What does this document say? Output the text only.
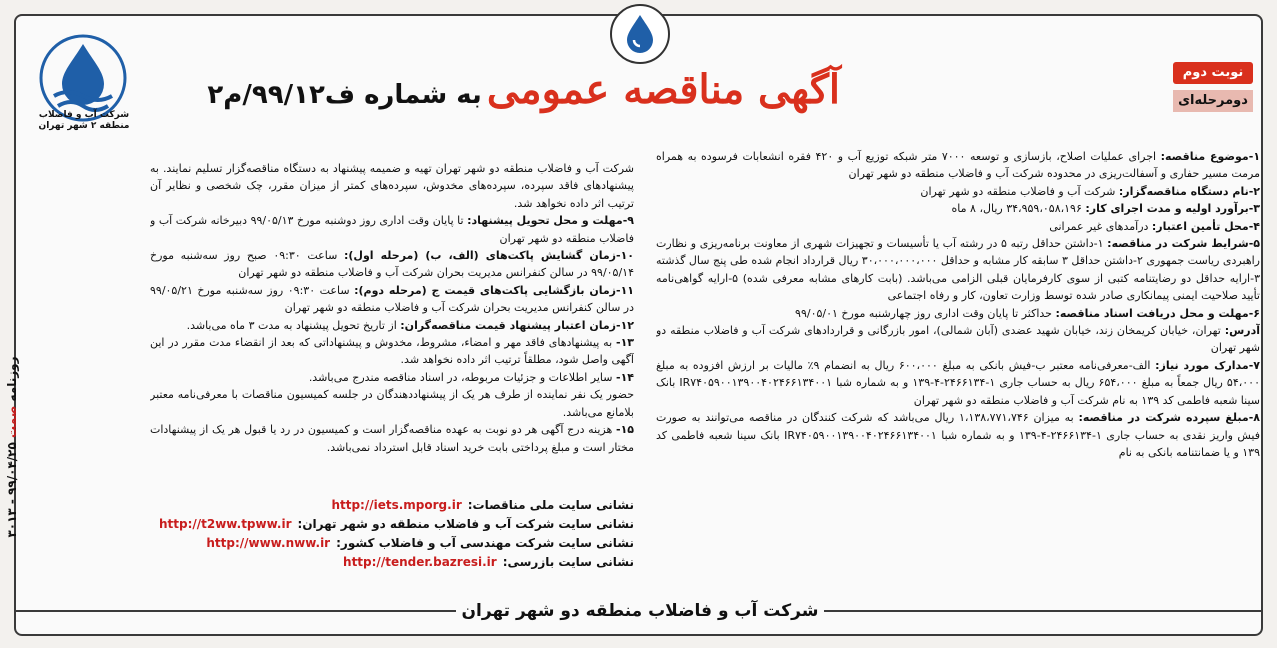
شرکت آب و فاضلاب منطقه ۲ شهر تهران
آگهی مناقصه عمومی به شماره ف۹۹/۱۲/م۲
نوبت دوم
دومرحله‌ای

۱-موضوع مناقصه: اجرای عملیات اصلاح، بازسازی و توسعه ۷۰۰۰ متر شبکه توزیع آب و ۴۲۰ فقره انشعابات فرسوده به همراه مرمت مسیر حفاری و آسفالت‌ریزی در محدوده شرکت آب و فاضلاب منطقه دو شهر تهران

۲-نام دستگاه مناقصه‌گزار: شرکت آب و فاضلاب منطقه دو شهر تهران

۳-برآورد اولیه و مدت اجرای کار: ۳۴،۹۵۹،۰۵۸،۱۹۶ ریال، ۸ ماه

۴-محل تأمین اعتبار: درآمدهای غیر عمرانی

۵-شرایط شرکت در مناقصه: ۱-داشتن حداقل رتبه ۵ در رشته آب یا تأسیسات و تجهیزات شهری از معاونت برنامه‌ریزی و نظارت راهبردی ریاست جمهوری ۲-داشتن حداقل ۳ سابقه کار مشابه و حداقل ۳۰،۰۰۰،۰۰۰،۰۰۰ ریال قرارداد انجام شده طی پنج سال گذشته ۳-ارایه حداقل دو رضایتنامه کتبی از سوی کارفرمایان قبلی الزامی می‌باشد. (بابت کارهای مشابه معرفی شده) ۵-ارایه گواهی‌نامه تأیید صلاحیت ایمنی پیمانکاری صادر شده توسط وزارت تعاون، کار و رفاه اجتماعی

۶-مهلت و محل دریافت اسناد مناقصه: حداکثر تا پایان وقت اداری روز چهارشنبه مورخ ۹۹/۰۵/۰۱

آدرس: تهران، خیابان کریمخان زند، خیابان شهید عضدی (آبان شمالی)، امور بازرگانی و قراردادهای شرکت آب و فاضلاب منطقه دو شهر تهران

۷-مدارک مورد نیاز: الف-معرفی‌نامه معتبر ب-فیش بانکی به مبلغ ۶۰۰،۰۰۰ ریال به انضمام ۹٪ مالیات بر ارزش افزوده به مبلغ ۵۴،۰۰۰ ریال جمعاً به مبلغ ۶۵۴،۰۰۰ ریال به حساب جاری ۱-۲۴۶۶۱۳۴-۴-۱۳۹ و به شماره شبا IR۷۴۰۵۹۰۰۱۳۹۰۰۴۰۲۴۶۶۱۳۴۰۰۱ بانک سینا شعبه فاطمی کد ۱۳۹ به نام شرکت آب و فاضلاب منطقه دو شهر تهران

۸-مبلغ سپرده شرکت در مناقصه: به میزان ۱،۱۳۸،۷۷۱،۷۴۶ ریال می‌باشد که شرکت کنندگان در مناقصه می‌توانند به صورت فیش واریز نقدی به حساب جاری ۱-۲۴۶۶۱۳۴-۴-۱۳۹ و به شماره شبا IR۷۴۰۵۹۰۰۱۳۹۰۰۴۰۲۴۶۶۱۳۴۰۰۱ بانک سینا شعبه فاطمی کد ۱۳۹ و یا ضمانتنامه بانکی به نام

شرکت آب و فاضلاب منطقه دو شهر تهران تهیه و ضمیمه پیشنهاد به دستگاه مناقصه‌گزار تسلیم نمایند. به پیشنهادهای فاقد سپرده، سپرده‌های مخدوش، سپرده‌های کمتر از میزان مقرر، چک شخصی و نظایر آن ترتیب اثر داده نخواهد شد.

۹-مهلت و محل تحویل پیشنهاد: تا پایان وقت اداری روز دوشنبه مورخ ۹۹/۰۵/۱۳ دبیرخانه شرکت آب و فاضلاب منطقه دو شهر تهران

۱۰-زمان گشایش پاکت‌های (الف، ب) (مرحله اول): ساعت ۰۹:۳۰ صبح روز سه‌شنبه مورخ ۹۹/۰۵/۱۴ در سالن کنفرانس مدیریت بحران شرکت آب و فاضلاب منطقه دو شهر تهران

۱۱-زمان بازگشایی پاکت‌های قیمت ج (مرحله دوم): ساعت ۰۹:۳۰ روز سه‌شنبه مورخ ۹۹/۰۵/۲۱ در سالن کنفرانس مدیریت بحران شرکت آب و فاضلاب منطقه دو شهر تهران

۱۲-زمان اعتبار پیشنهاد قیمت مناقصه‌گران: از تاریخ تحویل پیشنهاد به مدت ۳ ماه می‌باشد.

۱۳- به پیشنهادهای فاقد مهر و امضاء، مشروط، مخدوش و پیشنهاداتی که بعد از انقضاء مدت مقرر در این آگهی واصل شود، مطلقاً ترتیب اثر داده نخواهد شد.

۱۴- سایر اطلاعات و جزئیات مربوطه، در اسناد مناقصه مندرج می‌باشد.

حضور یک نفر نماینده از طرف هر یک از پیشنهاددهندگان در جلسه کمیسیون مناقصات با معرفی‌نامه معتبر بلامانع می‌باشد.

۱۵- هزینه درج آگهی هر دو نوبت به عهده مناقصه‌گزار است و کمیسیون در رد یا قبول هر یک از پیشنهادات مختار است و مبلغ پرداختی بابت خرید اسناد قابل استرداد نمی‌باشد.

نشانی سایت ملی مناقصات:http://iets.mporg.ir
نشانی سایت شرکت آب و فاضلاب منطقه دو شهر تهران:http://t2ww.tpww.ir
نشانی سایت شرکت مهندسی آب و فاضلاب کشور:http://www.nww.ir
نشانی سایت بازرسی:http://tender.bazresi.ir
شرکت آب و فاضلاب منطقه دو شهر تهران
روزنامه صمت ۹۹/۰۴/۲۵ - ۳۰۱۳
